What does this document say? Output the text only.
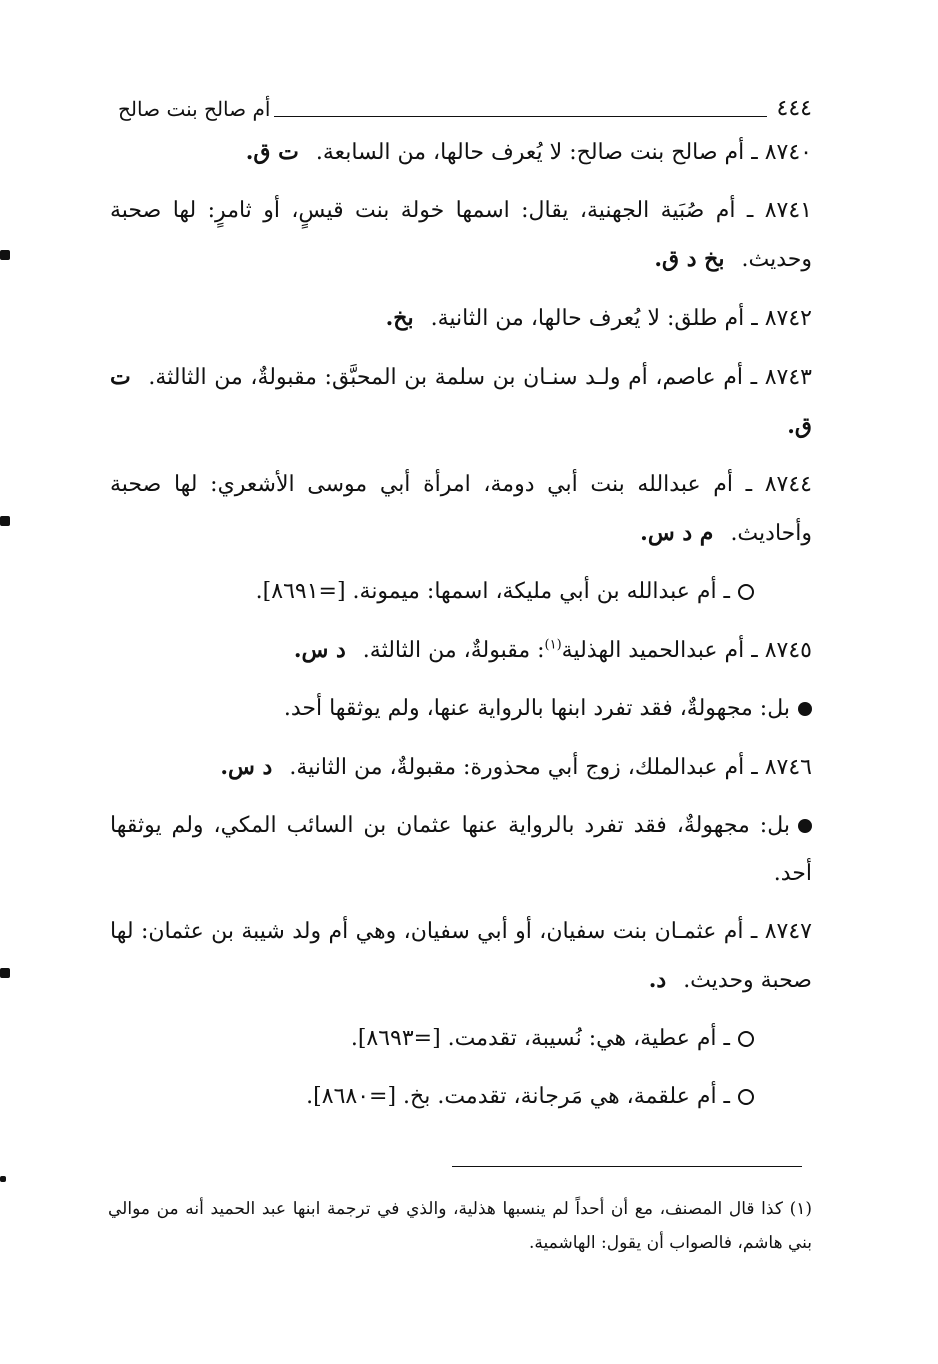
٤٤٤
أم صالح بنت صالح

٨٧٤٠ ـ أم صالح بنت صالح: لا يُعرف حالها، من السابعة. ت ق.

٨٧٤١ ـ أم صُبَية الجهنية، يقال: اسمها خولة بنت قيسٍ، أو ثامرٍ: لها صحبة وحديث. بخ د ق.

٨٧٤٢ ـ أم طلق: لا يُعرف حالها، من الثانية. بخ.

٨٧٤٣ ـ أم عاصم، أم ولـد سنـان بن سلمة بن المحبَّق: مقبولةٌ، من الثالثة. ت ق.

٨٧٤٤ ـ أم عبدالله بنت أبي دومة، امرأة أبي موسى الأشعري: لها صحبة وأحاديث. م د س.

ـ أم عبدالله بن أبي مليكة، اسمها: ميمونة. [=٨٦٩١].

٨٧٤٥ ـ أم عبدالحميد الهذلية$^{(١)}$: مقبولةٌ، من الثالثة. د س.

بل: مجهولةٌ، فقد تفرد ابنها بالرواية عنها، ولم يوثقها أحد.

٨٧٤٦ ـ أم عبدالملك، زوج أبي محذورة: مقبولةٌ، من الثانية. د س.

بل: مجهولةٌ، فقد تفرد بالرواية عنها عثمان بن السائب المكي، ولم يوثقها أحد.

٨٧٤٧ ـ أم عثمـان بنت سفيان، أو أبي سفيان، وهي أم ولد شيبة بن عثمان: لها صحبة وحديث. د.

ـ أم عطية، هي: نُسيبة، تقدمت. [=٨٦٩٣].

ـ أم علقمة، هي مَرجانة، تقدمت. بخ. [=٨٦٨٠].

(١) كذا قال المصنف، مع أن أحداً لم ينسبها هذلية، والذي في ترجمة ابنها عبد الحميد أنه من موالي بني هاشم، فالصواب أن يقول: الهاشمية.
